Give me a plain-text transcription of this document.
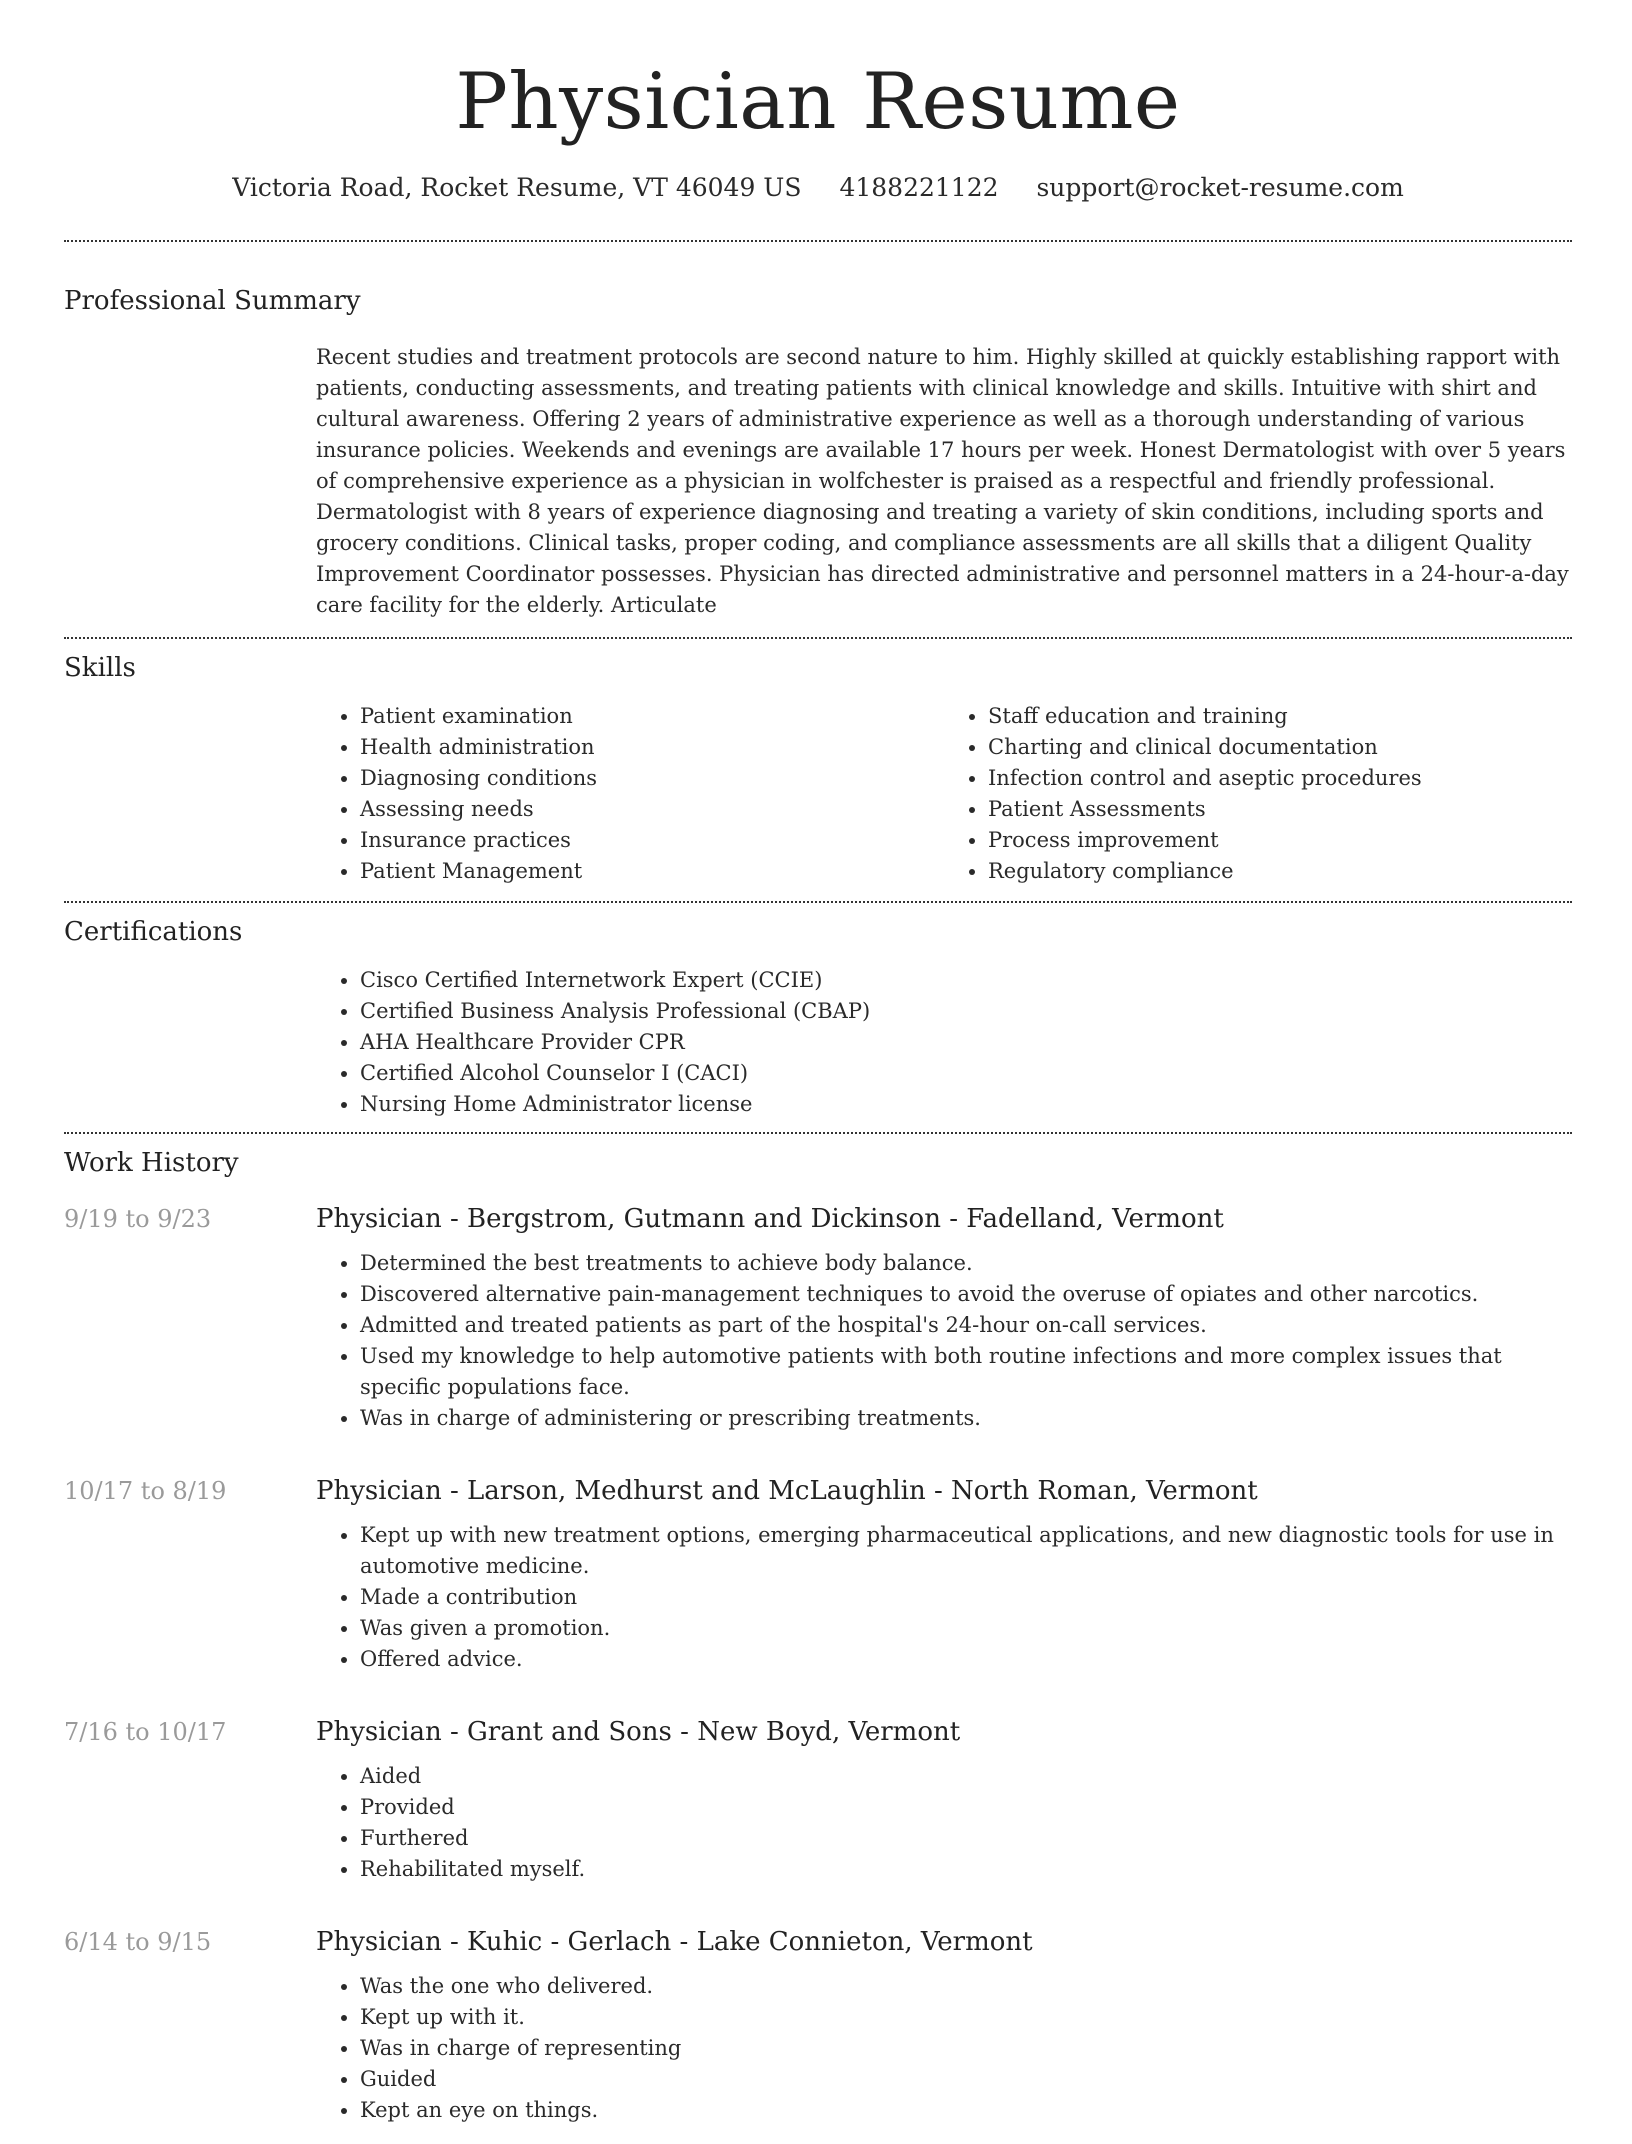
Physician Resume
Victoria Road, Rocket Resume, VT 46049 US 4188221122 support@rocket-resume.com
Professional Summary

Recent studies and treatment protocols are second nature to him. Highly skilled at quickly establishing rapport with patients, conducting assessments, and treating patients with clinical knowledge and skills. Intuitive with shirt and cultural awareness. Offering 2 years of administrative experience as well as a thorough understanding of various insurance policies. Weekends and evenings are available 17 hours per week. Honest Dermatologist with over 5 years of comprehensive experience as a physician in wolfchester is praised as a respectful and friendly professional. Dermatologist with 8 years of experience diagnosing and treating a variety of skin conditions, including sports and grocery conditions. Clinical tasks, proper coding, and compliance assessments are all skills that a diligent Quality Improvement Coordinator possesses. Physician has directed administrative and personnel matters in a 24-hour-a-day care facility for the elderly. Articulate

Skills
• Patient examination
• Health administration
• Diagnosing conditions
• Assessing needs
• Insurance practices
• Patient Management
• Staff education and training
• Charting and clinical documentation
• Infection control and aseptic procedures
• Patient Assessments
• Process improvement
• Regulatory compliance
Certifications
• Cisco Certified Internetwork Expert (CCIE)
• Certified Business Analysis Professional (CBAP)
• AHA Healthcare Provider CPR
• Certified Alcohol Counselor I (CACI)
• Nursing Home Administrator license
Work History
9/19 to 9/23	Physician - Bergstrom, Gutmann and Dickinson - Fadelland, Vermont
• Determined the best treatments to achieve body balance.
• Discovered alternative pain-management techniques to avoid the overuse of opiates and other narcotics.
• Admitted and treated patients as part of the hospital's 24-hour on-call services.
• Used my knowledge to help automotive patients with both routine infections and more complex issues that specific populations face.
• Was in charge of administering or prescribing treatments.
10/17 to 8/19	Physician - Larson, Medhurst and McLaughlin - North Roman, Vermont
• Kept up with new treatment options, emerging pharmaceutical applications, and new diagnostic tools for use in automotive medicine.
• Made a contribution
• Was given a promotion.
• Offered advice.
7/16 to 10/17	Physician - Grant and Sons - New Boyd, Vermont
• Aided
• Provided
• Furthered
• Rehabilitated myself.
6/14 to 9/15	Physician - Kuhic - Gerlach - Lake Connieton, Vermont
• Was the one who delivered.
• Kept up with it.
• Was in charge of representing
• Guided
• Kept an eye on things.
